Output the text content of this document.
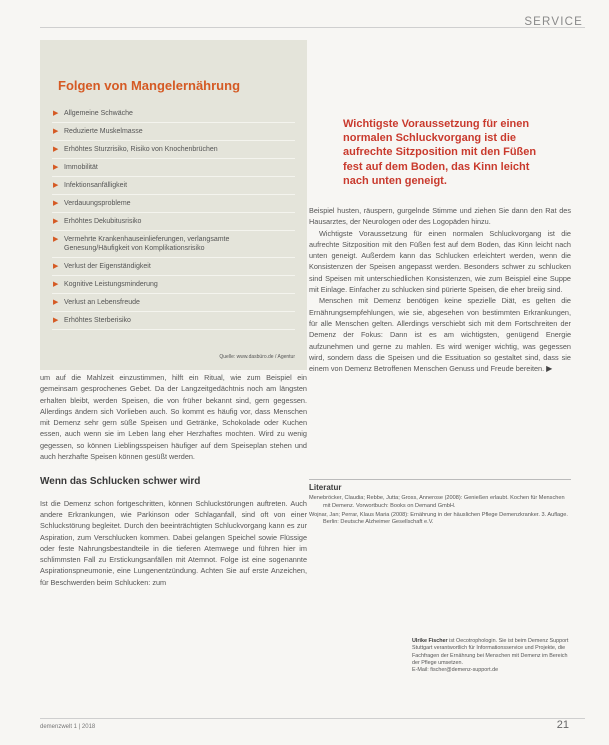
SERVICE
Folgen von Mangelernährung
▶ Allgemeine Schwäche
▶ Reduzierte Muskelmasse
▶ Erhöhtes Sturzrisiko, Risiko von Knochenbrüchen
▶ Immobilität
▶ Infektionsanfälligkeit
▶ Verdauungsprobleme
▶ Erhöhtes Dekubitusrisiko
▶ Vermehrte Krankenhauseinlieferungen, verlangsamte Genesung/Häufigkeit von Komplikationsrisiko
▶ Verlust der Eigenständigkeit
▶ Kognitive Leistungsminderung
▶ Verlust an Lebensfreude
▶ Erhöhtes Sterberisiko
Quelle: www.dasbüro.de / Agentur
Wichtigste Voraussetzung für einen normalen Schluckvorgang ist die aufrechte Sitzposition mit den Füßen fest auf dem Boden, das Kinn leicht nach unten geneigt.

um auf die Mahlzeit einzustimmen, hilft ein Ritual, wie zum Beispiel ein gemeinsam gesprochenes Gebet. Da der Langzeitgedächtnis noch am längsten erhalten bleibt, werden Speisen, die von früher bekannt sind, gern gegessen. Allerdings ändern sich Vorlieben auch. So kommt es häufig vor, dass Menschen mit Demenz sehr gern süße Speisen und Getränke, Schokolade oder Kuchen essen, auch wenn sie im Leben lang eher Herzhaftes mochten. Wird zu wenig gegessen, so können Lieblingsspeisen häufiger auf dem Speiseplan stehen und auch herzhafte Speisen können gesüßt werden.

Wenn das Schlucken schwer wird

Ist die Demenz schon fortgeschritten, können Schluckstörungen auftreten. Auch andere Erkrankungen, wie Parkinson oder Schlaganfall, sind oft von einer Schluckstörung begleitet. Durch den beeinträchtigten Schluckvorgang kann es zur Aspiration, zum Verschlucken kommen. Dabei gelangen Speichel sowie Flüssige oder feste Nahrungsbestandteile in die tieferen Atemwege und führen hier im schlimmsten Fall zu Erstickungsanfällen mit Atemnot. Folge ist eine sogenannte Aspirationspneumonie, eine Lungenentzündung. Achten Sie auf erste Anzeichen, für Beschwerden beim Schlucken: zum

Beispiel husten, räuspern, gurgelnde Stimme und ziehen Sie dann den Rat des Hausarztes, der Neurologen oder des Logopäden hinzu.

Wichtigste Voraussetzung für einen normalen Schluckvorgang ist die aufrechte Sitzposition mit den Füßen fest auf dem Boden, das Kinn leicht nach unten geneigt. Außerdem kann das Schlucken erleichtert werden, wenn die Konsistenzen der Speisen angepasst werden. Besonders schwer zu schlucken sind Speisen mit unterschiedlichen Konsistenzen, wie zum Beispiel eine Suppe mit Einlage. Einfacher zu schlucken sind pürierte Speisen, die eher breiig sind.

Menschen mit Demenz benötigen keine spezielle Diät, es gelten die Ernährungsempfehlungen, wie sie, abgesehen von bestimmten Erkrankungen, für alle Menschen gelten. Allerdings verschiebt sich mit dem Fortschreiten der Demenz der Fokus: Dann ist es am wichtigsten, genügend Energie aufzunehmen und gerne zu mahlen. Es wird weniger wichtig, was gegessen wird, sondern dass die Speisen und die Essituation so gestaltet sind, dass sie einem von Demenz Betroffenen Menschen Genuss und Freude bereiten. ▶

Literatur
Menebröcker, Claudia; Rebbe, Jutta; Gross, Annerose (2008): Genießen erlaubt. Kochen für Menschen mit Demenz. Vorwortbuch: Books on Demand GmbH.
Wojnar, Jan; Perrar, Klaus Maria (2008): Ernährung in der häuslichen Pflege Demenzkranker. 3. Auflage. Berlin: Deutsche Alzheimer Gesellschaft e.V.
Ulrike Fischer ist Oecotrophologin. Sie ist beim Demenz Support Stuttgart verantwortlich für Informationsservice und Projekte, die Fachfragen der Ernährung bei Menschen mit Demenz im Bereich der Pflege umsetzen.
E-Mail: fischer@demenz-support.de
demenzwelt 1 | 2018	21
